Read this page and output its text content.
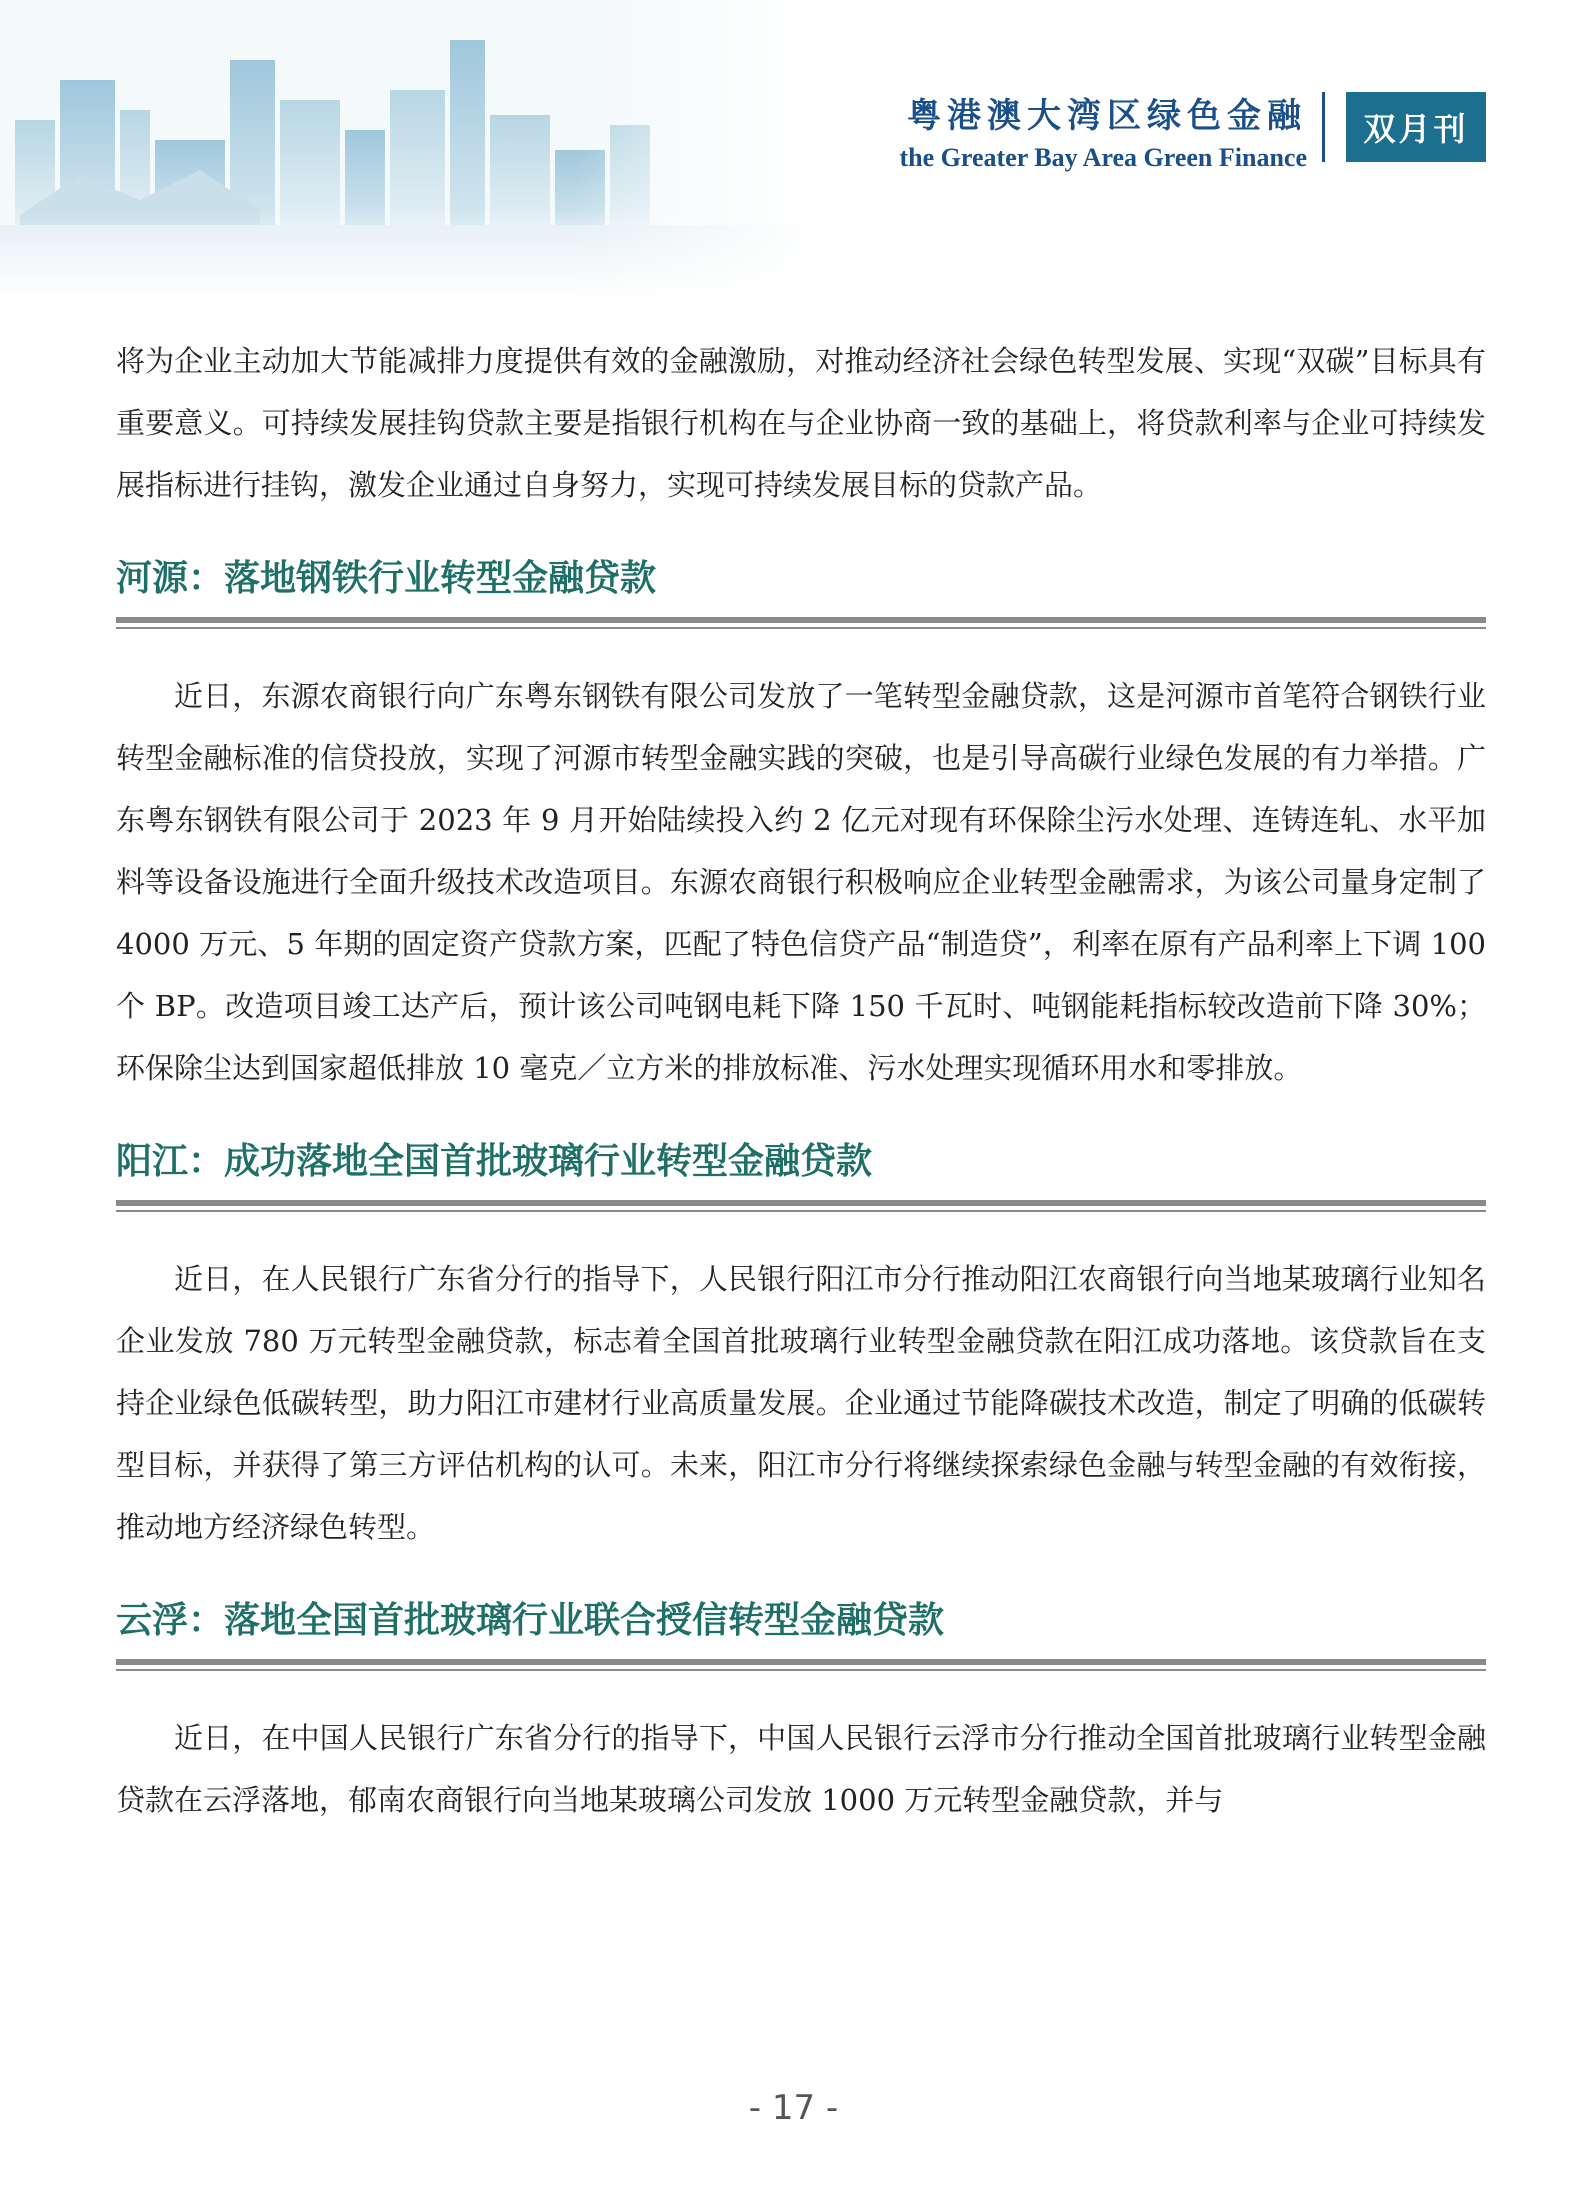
粤港澳大湾区绿色金融
the Greater Bay Area Green Finance
双月刊

将为企业主动加大节能减排力度提供有效的金融激励，对推动经济社会绿色转型发展、实现“双碳”目标具有重要意义。可持续发展挂钩贷款主要是指银行机构在与企业协商一致的基础上，将贷款利率与企业可持续发展指标进行挂钩，激发企业通过自身努力，实现可持续发展目标的贷款产品。

河源：落地钢铁行业转型金融贷款

近日，东源农商银行向广东粤东钢铁有限公司发放了一笔转型金融贷款，这是河源市首笔符合钢铁行业转型金融标准的信贷投放，实现了河源市转型金融实践的突破，也是引导高碳行业绿色发展的有力举措。广东粤东钢铁有限公司于 2023 年 9 月开始陆续投入约 2 亿元对现有环保除尘污水处理、连铸连轧、水平加料等设备设施进行全面升级技术改造项目。东源农商银行积极响应企业转型金融需求，为该公司量身定制了 4000 万元、5 年期的固定资产贷款方案，匹配了特色信贷产品“制造贷”，利率在原有产品利率上下调 100 个 BP。改造项目竣工达产后，预计该公司吨钢电耗下降 150 千瓦时、吨钢能耗指标较改造前下降 30%；环保除尘达到国家超低排放 10 毫克／立方米的排放标准、污水处理实现循环用水和零排放。

阳江：成功落地全国首批玻璃行业转型金融贷款

近日，在人民银行广东省分行的指导下，人民银行阳江市分行推动阳江农商银行向当地某玻璃行业知名企业发放 780 万元转型金融贷款，标志着全国首批玻璃行业转型金融贷款在阳江成功落地。该贷款旨在支持企业绿色低碳转型，助力阳江市建材行业高质量发展。企业通过节能降碳技术改造，制定了明确的低碳转型目标，并获得了第三方评估机构的认可。未来，阳江市分行将继续探索绿色金融与转型金融的有效衔接，推动地方经济绿色转型。

云浮：落地全国首批玻璃行业联合授信转型金融贷款

近日，在中国人民银行广东省分行的指导下，中国人民银行云浮市分行推动全国首批玻璃行业转型金融贷款在云浮落地，郁南农商银行向当地某玻璃公司发放 1000 万元转型金融贷款，并与

- 17 -
